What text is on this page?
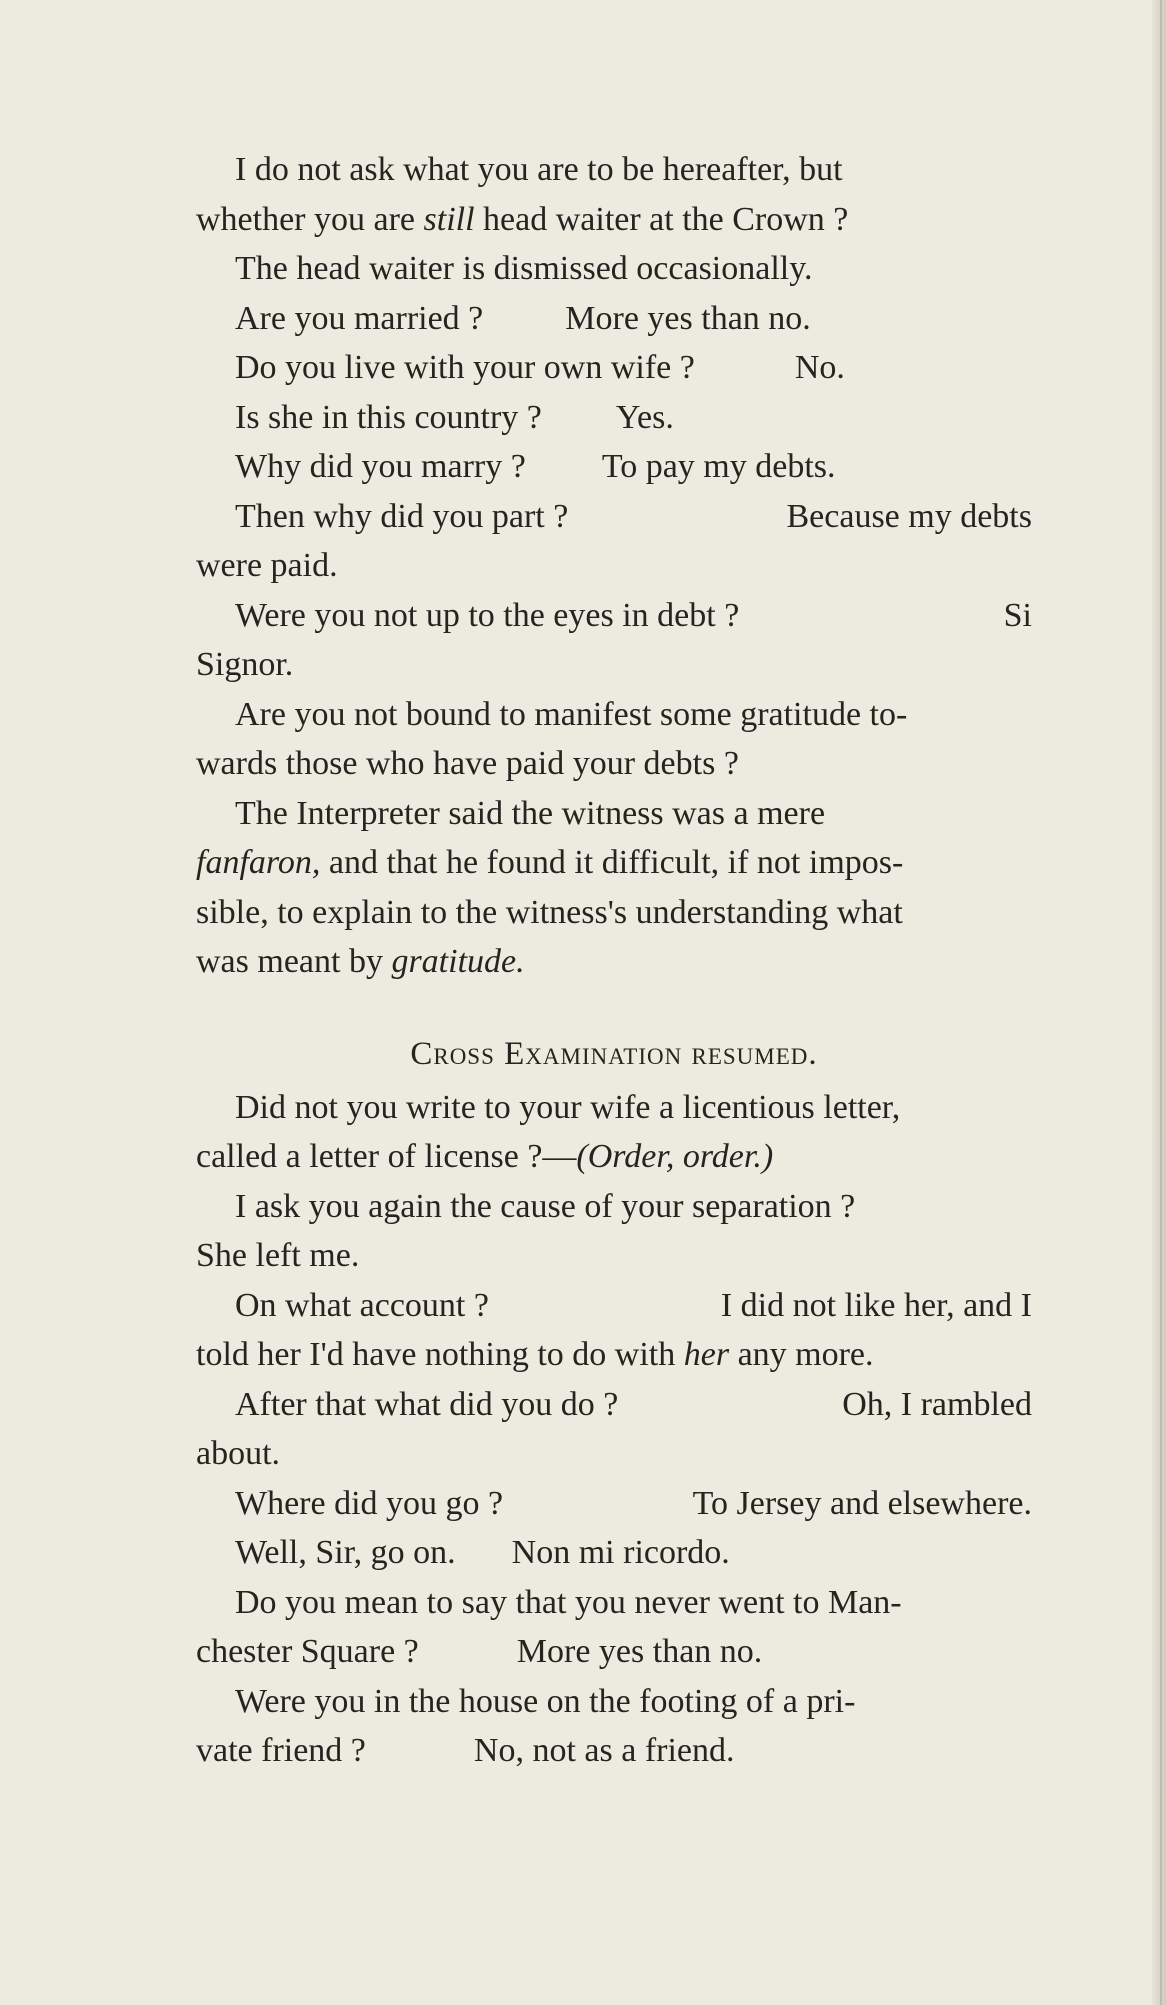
I do not ask what you are to be hereafter, but
whether you are still head waiter at the Crown ?
The head waiter is dismissed occasionally.
Are you married ? More yes than no.
Do you live with your own wife ?	No.
Is she in this country ? Yes.
Why did you marry ? To pay my debts.
Then why did you part ?	Because my debts
were paid.
Were you not up to the eyes in debt ?	Si
Signor.
Are you not bound to manifest some gratitude to-
wards those who have paid your debts ?
The Interpreter said the witness was a mere
fanfaron, and that he found it difficult, if not impos-
sible, to explain to the witness's understanding what
was meant by gratitude.
Cross Examination resumed.
Did not you write to your wife a licentious letter,
called a letter of license ?— (Order, order.)
I ask you again the cause of your separation ?
She left me.
On what account ?	I did not like her, and I
told her I'd have nothing to do with her any more.
After that what did you do ?	Oh, I rambled
about.
Where did you go ?	To Jersey and elsewhere.
Well, Sir, go on. Non mi ricordo.
Do you mean to say that you never went to Man-
chester Square ?	More yes than no.
Were you in the house on the footing of a pri-
vate friend ?	No, not as a friend.
